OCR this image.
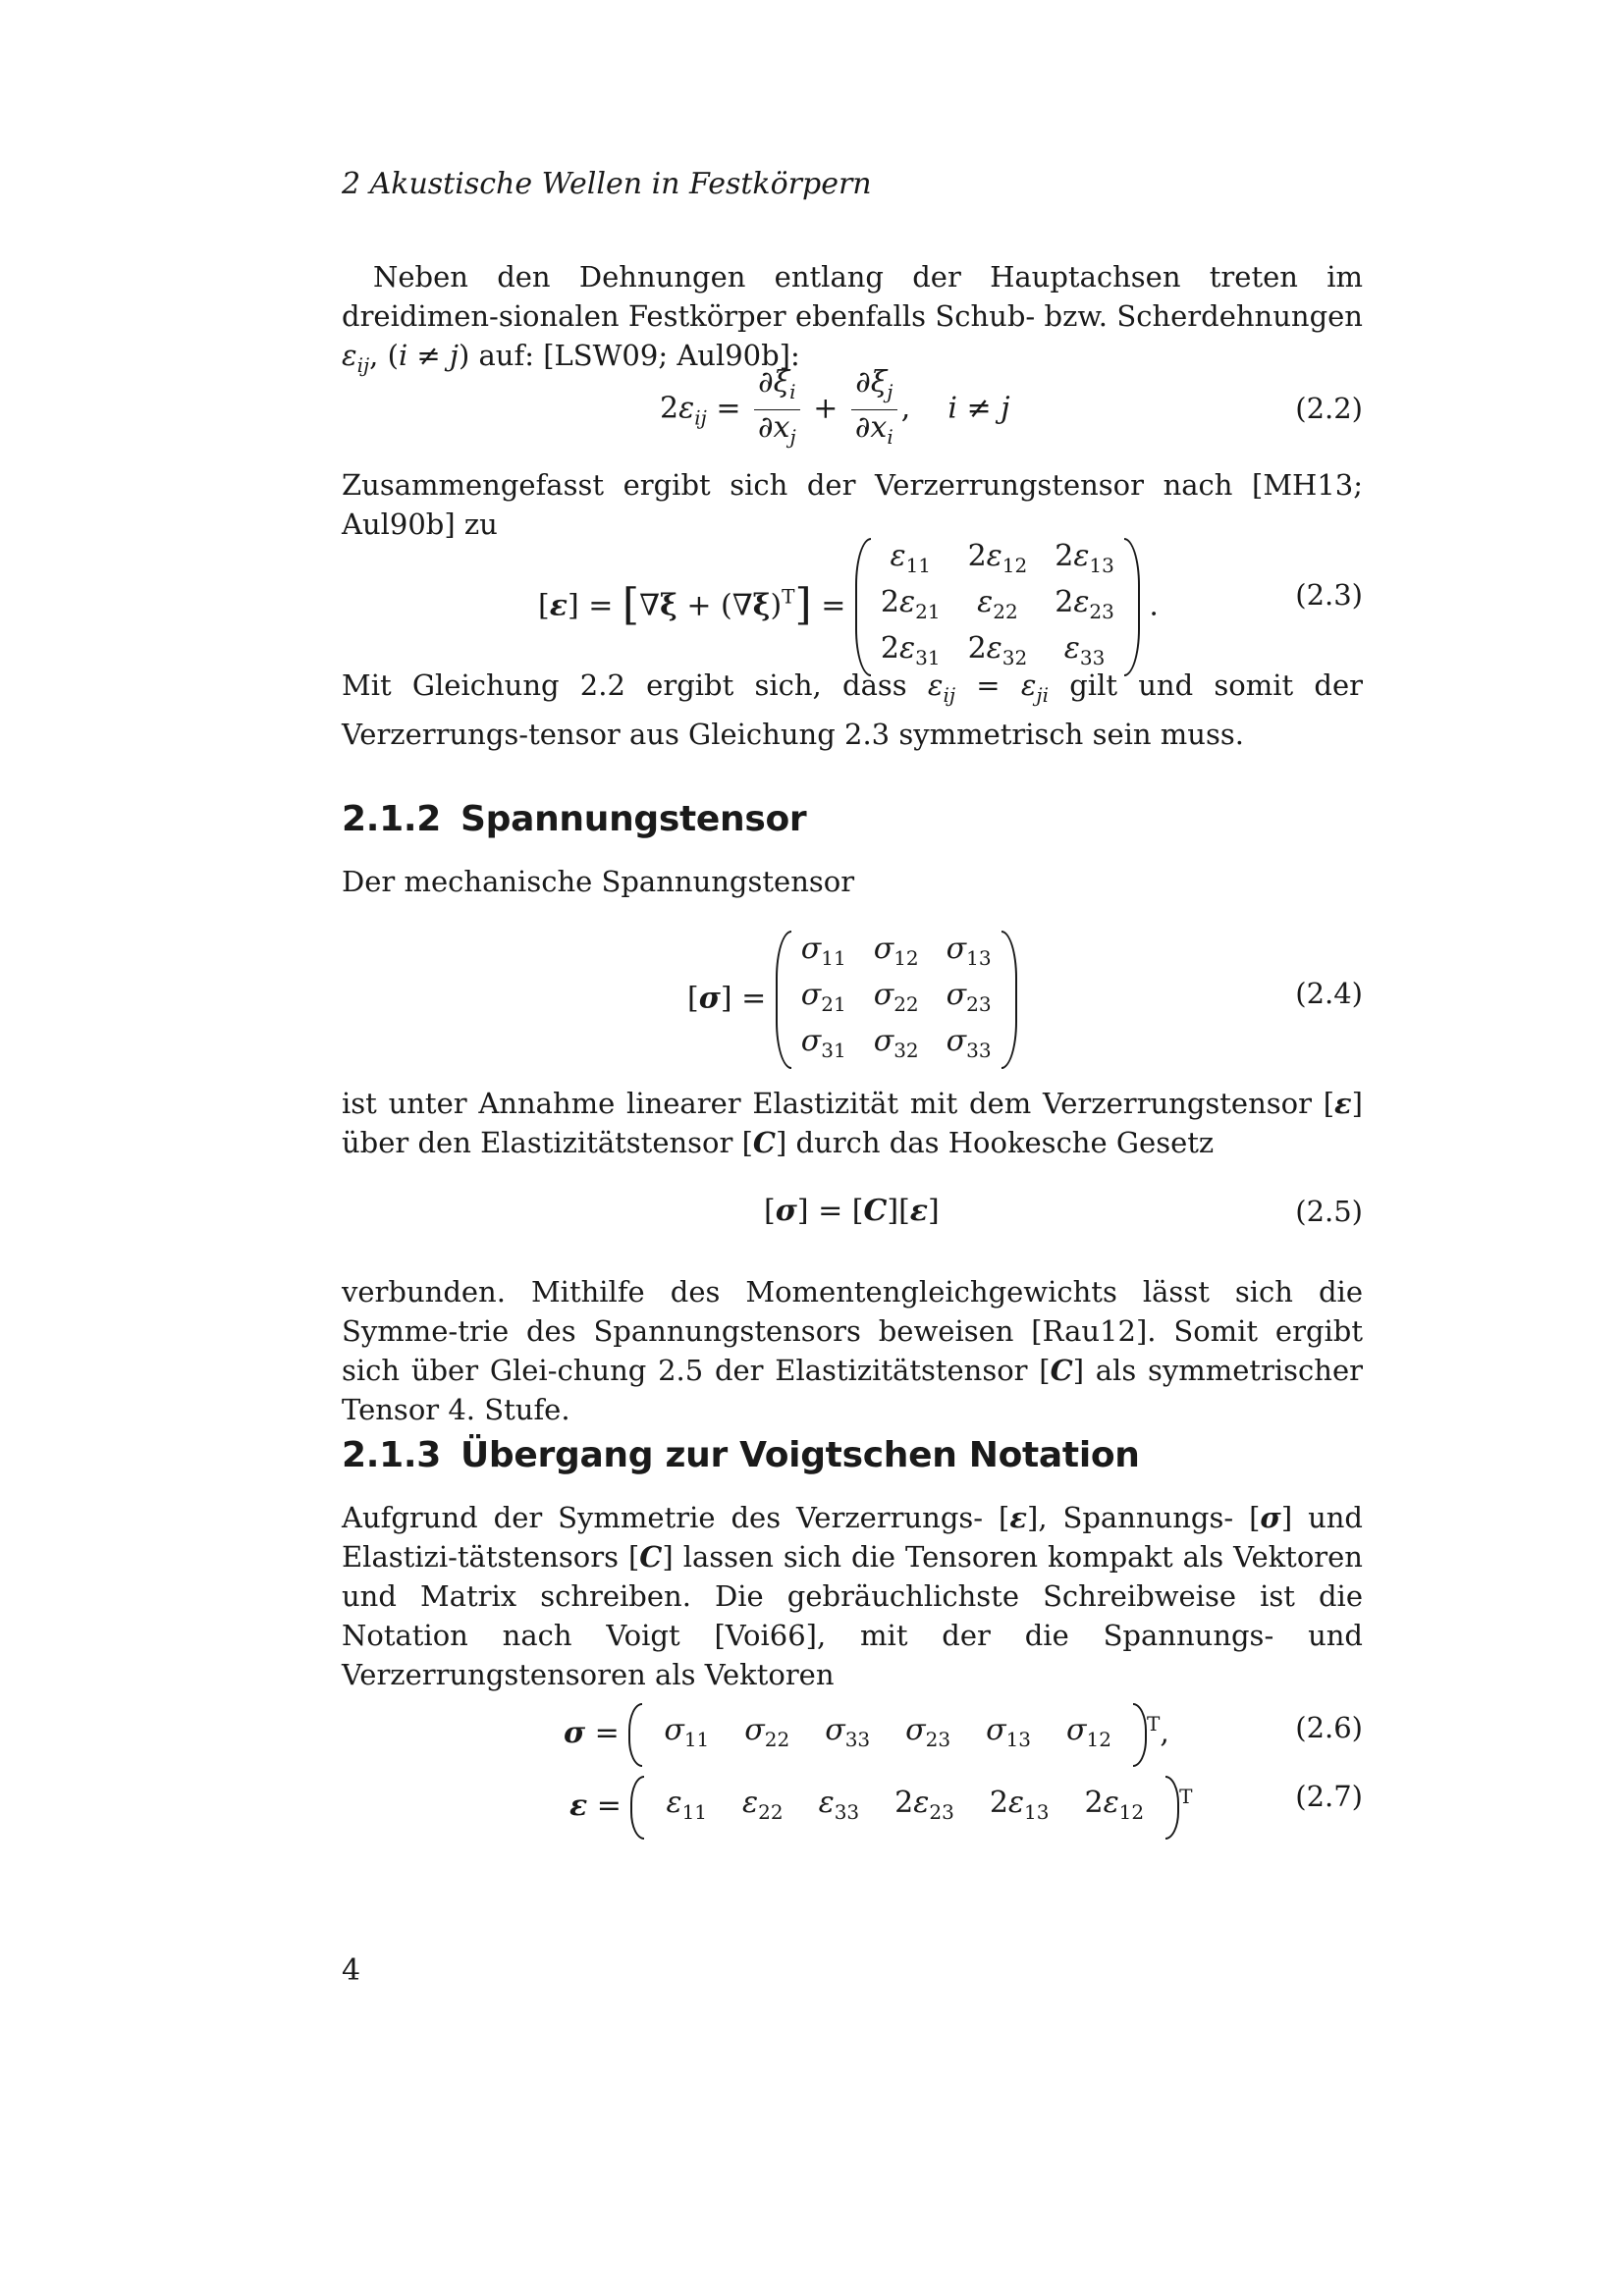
2 Akustische Wellen in Festkörpern
Neben den Dehnungen entlang der Hauptachsen treten im dreidimen-sionalen Festkörper ebenfalls Schub- bzw. Scherdehnungen $\varepsilon_{ij}$, (i ≠ j) auf: [LSW09; Aul90b]:
$2\varepsilon_{ij} = \frac{\partial\xi_i}{\partial x_j} + \frac{\partial\xi_j}{\partial x_i}$ ,    i ≠ j	(2.2)
Zusammengefasst ergibt sich der Verzerrungstensor nach [MH13; Aul90b] zu
$[\varepsilon] = [\nabla\xi + (\nabla\xi)^T]$ =
$\varepsilon_{11}$	$2\varepsilon_{12}$	$2\varepsilon_{13}$
$2\varepsilon_{21}$	$\varepsilon_{22}$	$2\varepsilon_{23}$
$2\varepsilon_{31}$	$2\varepsilon_{32}$	$\varepsilon_{33}$
.	(2.3)
Mit Gleichung 2.2 ergibt sich, dass $\varepsilon_{ij} = \varepsilon_{ji}$ gilt und somit der Verzerrungs-tensor aus Gleichung 2.3 symmetrisch sein muss.
2.1.2 Spannungstensor
Der mechanische Spannungstensor
[σ] =
$\sigma_{11}$	$\sigma_{12}$	$\sigma_{13}$
$\sigma_{21}$	$\sigma_{22}$	$\sigma_{23}$
$\sigma_{31}$	$\sigma_{32}$	$\sigma_{33}$
(2.4)
ist unter Annahme linearer Elastizität mit dem Verzerrungstensor [ε] über den Elastizitätstensor [C] durch das Hookesche Gesetz
[σ] = [C][ε]	(2.5)
verbunden. Mithilfe des Momentengleichgewichts lässt sich die Symme-trie des Spannungstensors beweisen [Rau12]. Somit ergibt sich über Glei-chung 2.5 der Elastizitätstensor [C] als symmetrischer Tensor 4. Stufe.
2.1.3 Übergang zur Voigtschen Notation
Aufgrund der Symmetrie des Verzerrungs- [ε], Spannungs- [σ] und Elastizi-tätstensors [C] lassen sich die Tensoren kompakt als Vektoren und Matrix schreiben. Die gebräuchlichste Schreibweise ist die Notation nach Voigt [Voi66], mit der die Spannungs- und Verzerrungstensoren als Vektoren
σ =
$\sigma_{11}$ $\sigma_{22}$ $\sigma_{33}$ $\sigma_{23}$ $\sigma_{13}$ $\sigma_{12}$
$^T$,	(2.6)
ε =
$\varepsilon_{11}$ $\varepsilon_{22}$ $\varepsilon_{33}$ $2\varepsilon_{23}$ $2\varepsilon_{13}$ $2\varepsilon_{12}$
$^T$	(2.7)
4
